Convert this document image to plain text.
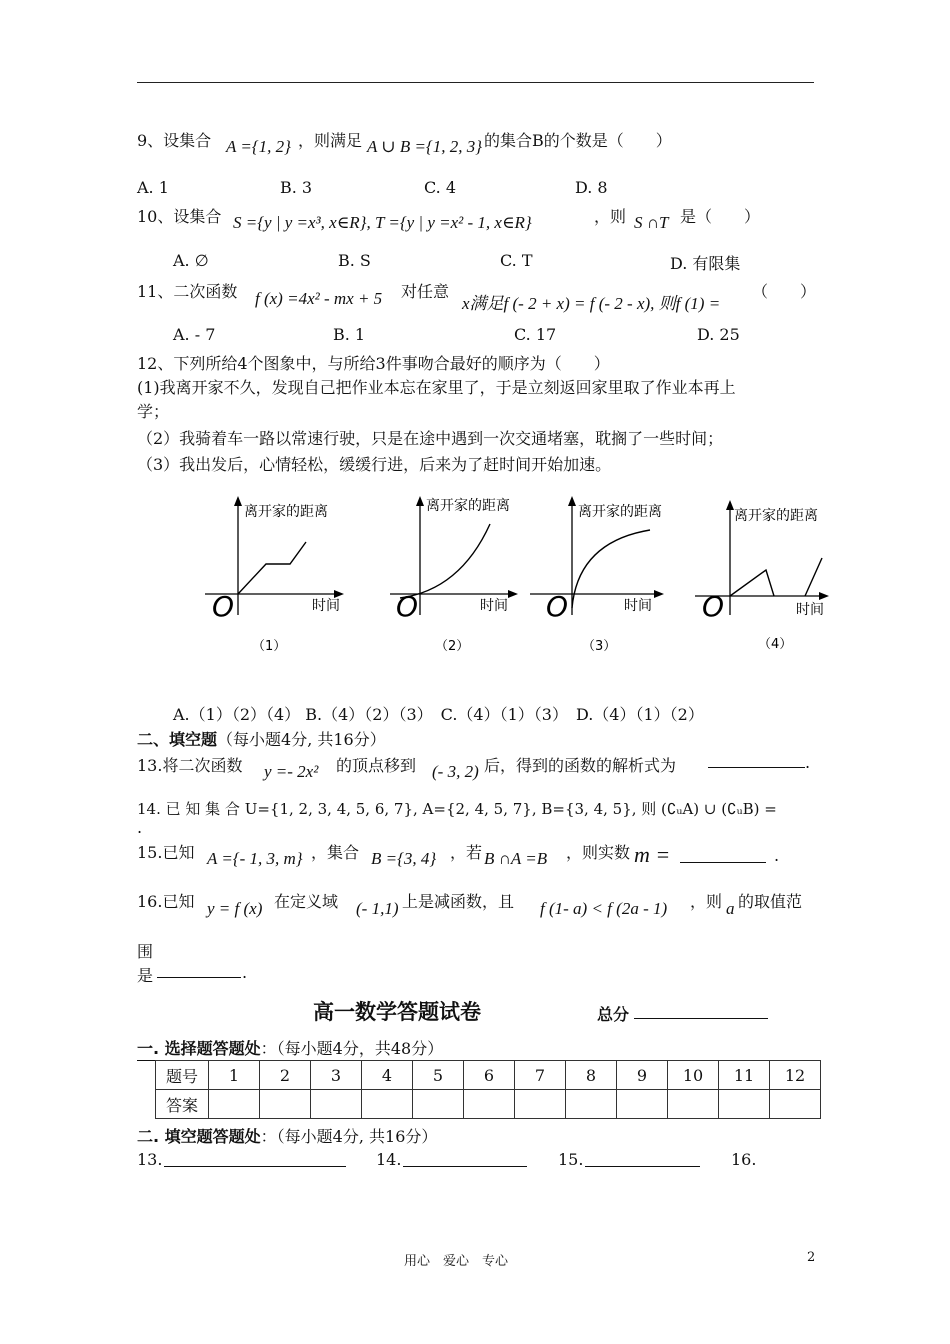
9、设集合 A ={1, 2} ，则满足 A ∪ B ={1, 2, 3} 的集合B的个数是（　　）
A. 1	B. 3	C. 4	D. 8
10、设集合 S ={y | y =x³, x∈R}, T ={y | y =x² - 1, x∈R}	，则 S ∩T 是（　　）
A. ∅	B. S	C. T	D. 有限集
11、二次函数 f (x) =4x² - mx + 5 对任意
x满足f (- 2 + x) = f (- 2 - x), 则f (1) =
（　　）
A. - 7	B. 1	C. 17	D. 25
12、下列所给4个图象中，与所给3件事吻合最好的顺序为（　　）
(1)我离开家不久，发现自己把作业本忘在家里了，于是立刻返回家里取了作业本再上
学；
（2）我骑着车一路以常速行驶，只是在途中遇到一次交通堵塞，耽搁了一些时间；
（3）我出发后，心情轻松，缓缓行进，后来为了赶时间开始加速。
离开家的距离
时间
O
（1）
离开家的距离
时间
O
（2）
离开家的距离
时间
O
（3）
离开家的距离
时间
O
（4）
A.（1）（2）（4） B.（4）（2）（3）　C.（4）（1）（3）　D.（4）（1）（2）
二、填空题（每小题4分, 共16分）
13.将二次函数 y =- 2x² 的顶点移到 (- 3, 2) 后，得到的函数的解析式为	.
14. 已 知 集 合 U={1, 2, 3, 4, 5, 6, 7}, A={2, 4, 5, 7}, B={3, 4, 5}, 则 (∁ᵤA) ∪ (∁ᵤB) =
.
15.已知 A ={- 1, 3, m} ，集合 B ={3, 4} ，若 B ∩A =B ，则实数 m =	.
16.已知 y = f (x) 在定义域 (- 1,1) 上是减函数，且 f (1- a) < f (2a - 1) ，则 a 的取值范
围
是	.
高一数学答题试卷	总分
一. 选择题答题处：（每小题4分，共48分）
题号	1	2	3	4	5	6	7	8	9	10	11	12
答案												
二. 填空题答题处：（每小题4分, 共16分）
13.	14.	15.	16.
用心　爱心　专心	2
